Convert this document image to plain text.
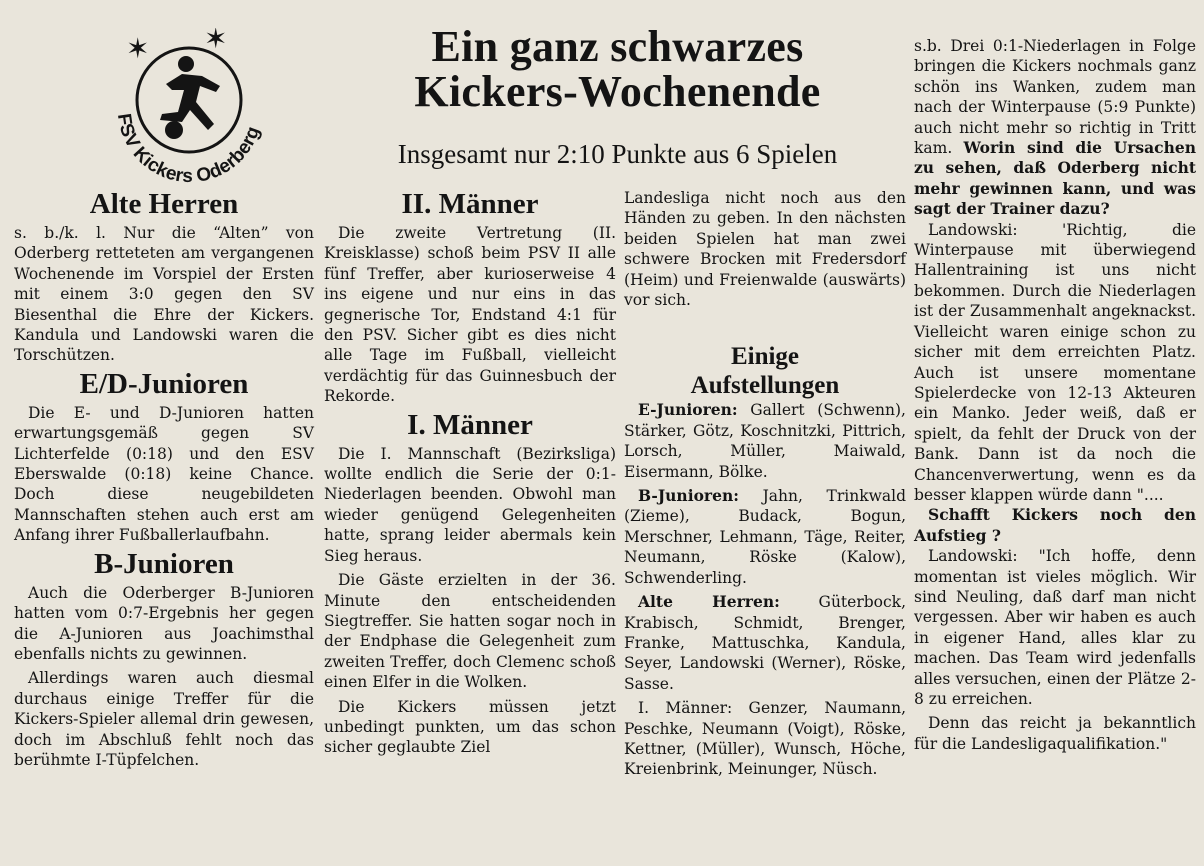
✶ ✶
FSV Kickers Oderberg
Ein ganz schwarzes
Kickers-Wochenende
Insgesamt nur 2:10 Punkte aus 6 Spielen
Alte Herren

s. b./k. l. Nur die “Alten” von Oderberg retteteten am vergangenen Wochenende im Vorspiel der Ersten mit einem 3:0 gegen den SV Biesenthal die Ehre der Kickers. Kandula und Landowski waren die Torschützen.

E/D-Junioren

Die E- und D-Junioren hatten erwartungsgemäß gegen SV Lichterfelde (0:18) und den ESV Eberswalde (0:18) keine Chance. Doch diese neugebildeten Mannschaften stehen auch erst am Anfang ihrer Fußballerlaufbahn.

B-Junioren

Auch die Oderberger B-Junioren hatten vom 0:7-Ergebnis her gegen die A-Junioren aus Joachimsthal ebenfalls nichts zu gewinnen.

Allerdings waren auch diesmal durchaus einige Treffer für die Kickers-Spieler allemal drin gewesen, doch im Abschluß fehlt noch das berühmte I-Tüpfelchen.

II. Männer

Die zweite Vertretung (II. Kreisklasse) schoß beim PSV II alle fünf Treffer, aber kurioserweise 4 ins eigene und nur eins in das gegnerische Tor, Endstand 4:1 für den PSV. Sicher gibt es dies nicht alle Tage im Fußball, vielleicht verdächtig für das Guinnesbuch der Rekorde.

I. Männer

Die I. Mannschaft (Bezirksliga) wollte endlich die Serie der 0:1-Niederlagen beenden. Obwohl man wieder genügend Gelegenheiten hatte, sprang leider abermals kein Sieg heraus.

Die Gäste erzielten in der 36. Minute den entscheidenden Siegtreffer. Sie hatten sogar noch in der Endphase die Gelegenheit zum zweiten Treffer, doch Clemenc schoß einen Elfer in die Wolken.

Die Kickers müssen jetzt unbedingt punkten, um das schon sicher geglaubte Ziel

Landesliga nicht noch aus den Händen zu geben. In den nächsten beiden Spielen hat man zwei schwere Brocken mit Fredersdorf (Heim) und Freienwalde (auswärts) vor sich.

Einige
Aufstellungen

E-Junioren: Gallert (Schwenn), Stärker, Götz, Koschnitzki, Pittrich, Lorsch, Müller, Maiwald, Eisermann, Bölke.

B-Junioren: Jahn, Trinkwald (Zieme), Budack, Bogun, Merschner, Lehmann, Täge, Reiter, Neumann, Röske (Kalow), Schwenderling.

Alte Herren: Güterbock, Krabisch, Schmidt, Brenger, Franke, Mattuschka, Kandula, Seyer, Landowski (Werner), Röske, Sasse.

I. Männer: Genzer, Naumann, Peschke, Neumann (Voigt), Röske, Kettner, (Müller), Wunsch, Höche, Kreienbrink, Meinunger, Nüsch.

s.b. Drei 0:1-Niederlagen in Folge bringen die Kickers nochmals ganz schön ins Wanken, zudem man nach der Winterpause (5:9 Punkte) auch nicht mehr so richtig in Tritt kam. Worin sind die Ursachen zu sehen, daß Oderberg nicht mehr gewinnen kann, und was sagt der Trainer dazu?

Landowski: 'Richtig, die Winterpause mit überwiegend Hallentraining ist uns nicht bekommen. Durch die Niederlagen ist der Zusammenhalt angeknackst. Vielleicht waren einige schon zu sicher mit dem erreichten Platz. Auch ist unsere momentane Spielerdecke von 12-13 Akteuren ein Manko. Jeder weiß, daß er spielt, da fehlt der Druck von der Bank. Dann ist da noch die Chancenverwertung, wenn es da besser klappen würde dann "....

Schafft Kickers noch den Aufstieg ?

Landowski: "Ich hoffe, denn momentan ist vieles möglich. Wir sind Neuling, daß darf man nicht vergessen. Aber wir haben es auch in eigener Hand, alles klar zu machen. Das Team wird jedenfalls alles versuchen, einen der Plätze 2-8 zu erreichen.

Denn das reicht ja bekanntlich für die Landesligaqualifikation."
